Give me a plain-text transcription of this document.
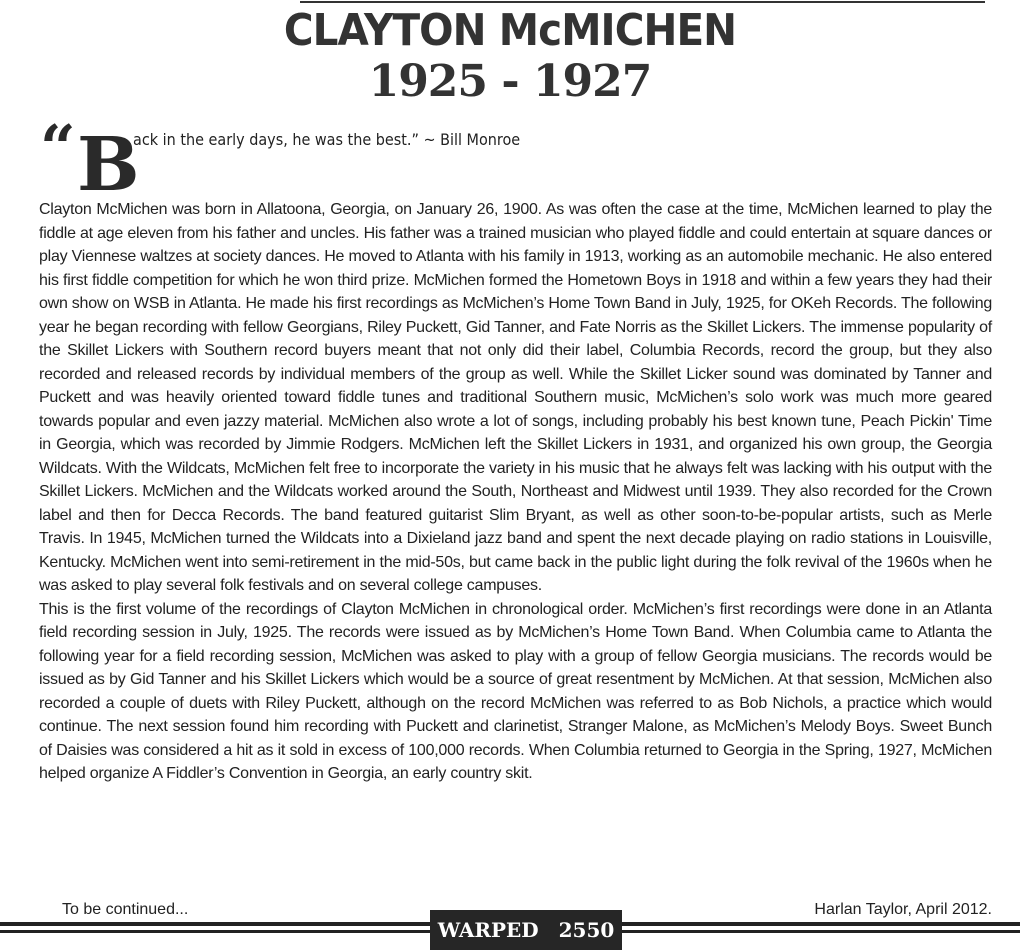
CLAYTON McMICHEN
1925 - 1927
“ B
ack in the early days, he was the best.” ~ Bill Monroe

Clayton McMichen was born in Allatoona, Georgia, on January 26, 1900. As was often the case at the time, McMichen learned to play the fiddle at age eleven from his father and uncles. His father was a trained musician who played fiddle and could entertain at square dances or play Viennese waltzes at society dances. He moved to Atlanta with his family in 1913, working as an automobile mechanic. He also entered his first fiddle competition for which he won third prize. McMichen formed the Hometown Boys in 1918 and within a few years they had their own show on WSB in Atlanta. He made his first recordings as McMichen’s Home Town Band in July, 1925, for OKeh Records. The following year he began recording with fellow Georgians, Riley Puckett, Gid Tanner, and Fate Norris as the Skillet Lickers. The immense popularity of the Skillet Lickers with Southern record buyers meant that not only did their label, Columbia Records, record the group, but they also recorded and released records by individual members of the group as well. While the Skillet Licker sound was dominated by Tanner and Puckett and was heavily oriented toward fiddle tunes and traditional Southern music, McMichen’s solo work was much more geared towards popular and even jazzy material. McMichen also wrote a lot of songs, including probably his best known tune, Peach Pickin' Time in Georgia, which was recorded by Jimmie Rodgers. McMichen left the Skillet Lickers in 1931, and organized his own group, the Georgia Wildcats. With the Wildcats, McMichen felt free to incorporate the variety in his music that he always felt was lacking with his output with the Skillet Lickers. McMichen and the Wildcats worked around the South, Northeast and Midwest until 1939. They also recorded for the Crown label and then for Decca Records. The band featured guitarist Slim Bryant, as well as other soon-to-be-popular artists, such as Merle Travis. In 1945, McMichen turned the Wildcats into a Dixieland jazz band and spent the next decade playing on radio stations in Louisville, Kentucky. McMichen went into semi-retirement in the mid-50s, but came back in the public light during the folk revival of the 1960s when he was asked to play several folk festivals and on several college campuses.

This is the first volume of the recordings of Clayton McMichen in chronological order. McMichen’s first recordings were done in an Atlanta field recording session in July, 1925. The records were issued as by McMichen’s Home Town Band. When Columbia came to Atlanta the following year for a field recording session, McMichen was asked to play with a group of fellow Georgia musicians. The records would be issued as by Gid Tanner and his Skillet Lickers which would be a source of great resentment by McMichen. At that session, McMichen also recorded a couple of duets with Riley Puckett, although on the record McMichen was referred to as Bob Nichols, a practice which would continue. The next session found him recording with Puckett and clarinetist, Stranger Malone, as McMichen’s Melody Boys. Sweet Bunch of Daisies was considered a hit as it sold in excess of 100,000 records. When Columbia returned to Georgia in the Spring, 1927, McMichen helped organize A Fiddler’s Convention in Georgia, an early country skit.

To be continued...	Harlan Taylor, April 2012.
WARPED 2550
